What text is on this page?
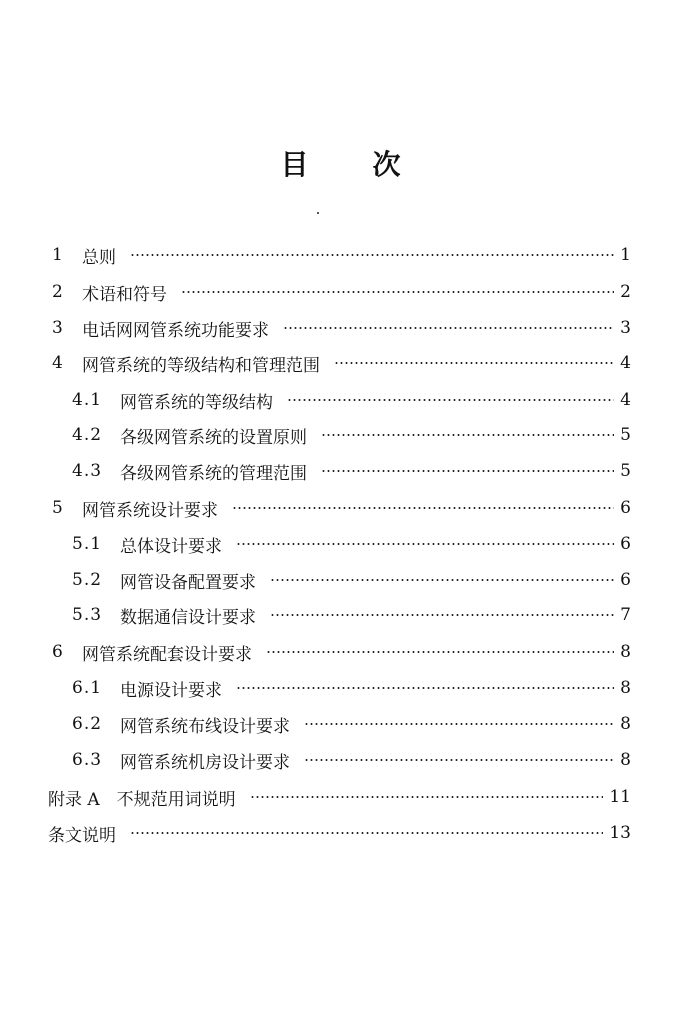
目 次
1	总则	1
2	术语和符号	2
3	电话网网管系统功能要求	3
4	网管系统的等级结构和管理范围	4
4.1	网管系统的等级结构	4
4.2	各级网管系统的设置原则	5
4.3	各级网管系统的管理范围	5
5	网管系统设计要求	6
5.1	总体设计要求	6
5.2	网管设备配置要求	6
5.3	数据通信设计要求	7
6	网管系统配套设计要求	8
6.1	电源设计要求	8
6.2	网管系统布线设计要求	8
6.3	网管系统机房设计要求	8
附录 A　不规范用词说明	11
条文说明	13
